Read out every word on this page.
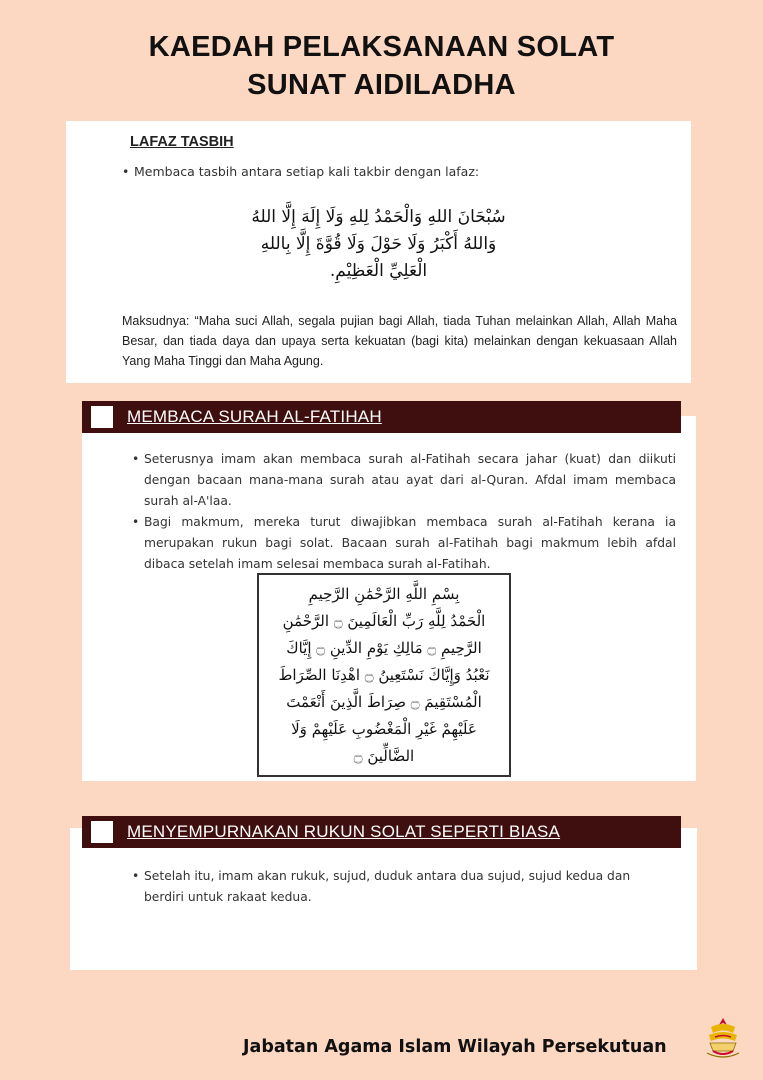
KAEDAH PELAKSANAAN SOLAT
SUNAT AIDILADHA
LAFAZ TASBIH
• Membaca tasbih antara setiap kali takbir dengan lafaz:
سُبْحَانَ اللهِ وَالْحَمْدُ لِلهِ وَلَا إِلَهَ إِلَّا اللهُ
وَاللهُ أَكْبَرُ وَلَا حَوْلَ وَلَا قُوَّةَ إِلَّا بِاللهِ
الْعَلِيِّ الْعَظِيْمِ.
Maksudnya: “Maha suci Allah, segala pujian bagi Allah, tiada Tuhan melainkan Allah, Allah Maha Besar, dan tiada daya dan upaya serta kekuatan (bagi kita) melainkan dengan kekuasaan Allah Yang Maha Tinggi dan Maha Agung.
• Seterusnya imam akan membaca surah al-Fatihah secara jahar (kuat) dan diikuti dengan bacaan mana-mana surah atau ayat dari al-Quran. Afdal imam membaca surah al-A'laa.
• Bagi makmum, mereka turut diwajibkan membaca surah al-Fatihah kerana ia merupakan rukun bagi solat. Bacaan surah al-Fatihah bagi makmum lebih afdal dibaca setelah imam selesai membaca surah al-Fatihah.
بِسْمِ اللَّهِ الرَّحْمَٰنِ الرَّحِيمِ
الْحَمْدُ لِلَّهِ رَبِّ الْعَالَمِينَ ۝ الرَّحْمَٰنِ
الرَّحِيمِ ۝ مَالِكِ يَوْمِ الدِّينِ ۝ إِيَّاكَ
نَعْبُدُ وَإِيَّاكَ نَسْتَعِينُ ۝ اهْدِنَا الصِّرَاطَ
الْمُسْتَقِيمَ ۝ صِرَاطَ الَّذِينَ أَنْعَمْتَ
عَلَيْهِمْ غَيْرِ الْمَغْضُوبِ عَلَيْهِمْ وَلَا
الضَّالِّينَ ۝
MEMBACA SURAH AL-FATIHAH
• Setelah itu, imam akan rukuk, sujud, duduk antara dua sujud, sujud kedua dan berdiri untuk rakaat kedua.
MENYEMPURNAKAN RUKUN SOLAT SEPERTI BIASA
Jabatan Agama Islam Wilayah Persekutuan
